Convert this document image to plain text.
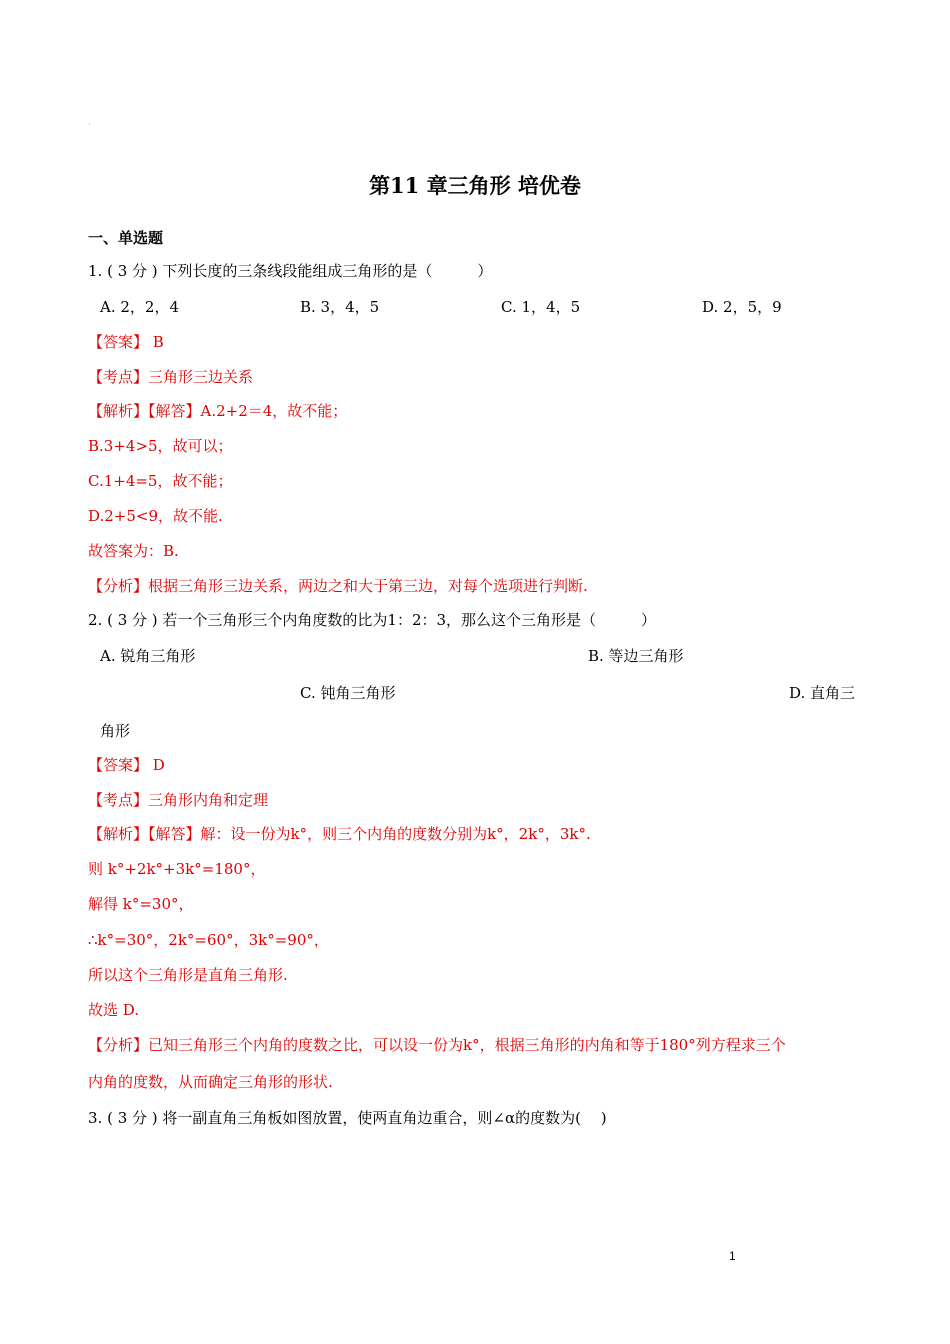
.
第11 章三角形 培优卷
一、单选题
1. ( 3 分 ) 下列长度的三条线段能组成三角形的是（　　　）
A. 2，2，4	B. 3，4，5	C. 1，4，5	D. 2，5，9
【答案】 B
【考点】三角形三边关系
【解析】【解答】A.2+2＝4，故不能；
B.3+4>5，故可以；
C.1+4=5，故不能；
D.2+5<9，故不能.
故答案为：B.
【分析】根据三角形三边关系，两边之和大于第三边，对每个选项进行判断.
2. ( 3 分 ) 若一个三角形三个内角度数的比为1：2：3，那么这个三角形是（　　　）
A. 锐角三角形	B. 等边三角形
C. 钝角三角形	D. 直角三
角形
【答案】 D
【考点】三角形内角和定理
【解析】【解答】解：设一份为k°，则三个内角的度数分别为k°，2k°，3k°.
则 k°+2k°+3k°=180°，
解得 k°=30°，
∴k°=30°，2k°=60°，3k°=90°，
所以这个三角形是直角三角形.
故选 D.
【分析】已知三角形三个内角的度数之比，可以设一份为k°，根据三角形的内角和等于180°列方程求三个
内角的度数，从而确定三角形的形状.
3. ( 3 分 ) 将一副直角三角板如图放置，使两直角边重合，则∠α的度数为(　 )
1
